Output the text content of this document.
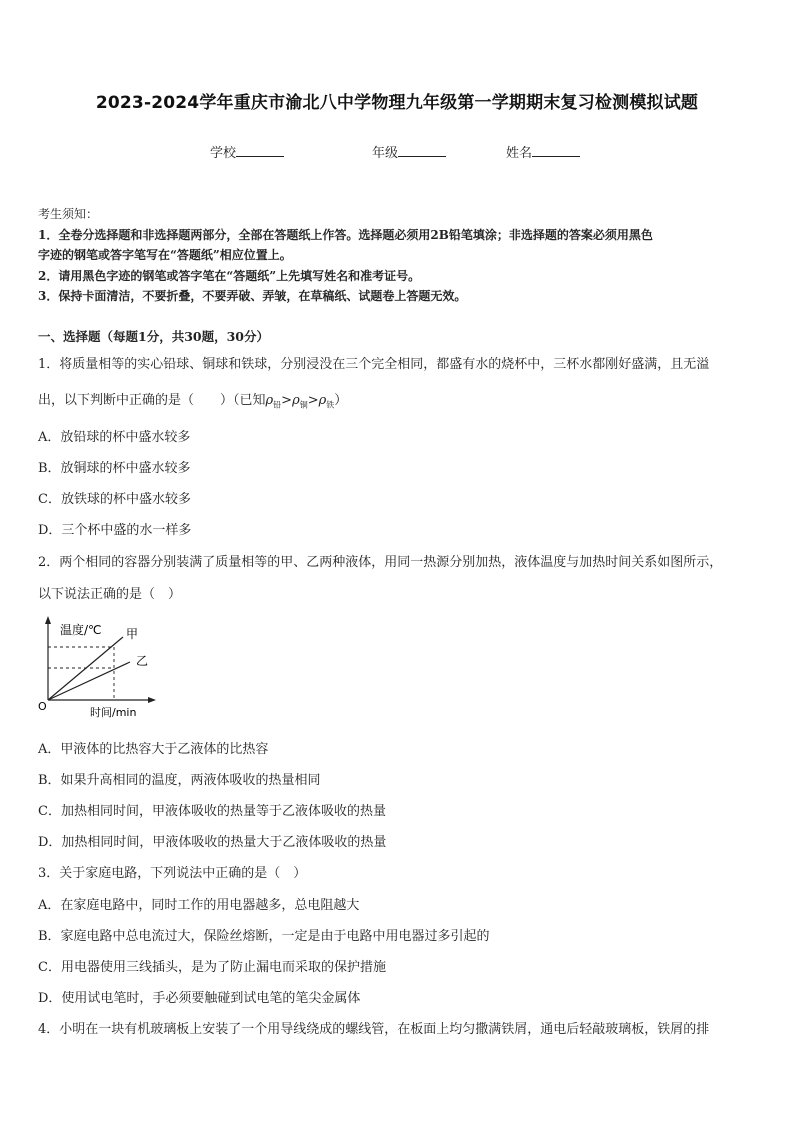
2023-2024学年重庆市渝北八中学物理九年级第一学期期末复习检测模拟试题
学校	年级	姓名
考生须知：
1．全卷分选择题和非选择题两部分，全部在答题纸上作答。选择题必须用2B铅笔填涂；非选择题的答案必须用黑色
字迹的钢笔或答字笔写在“答题纸”相应位置上。
2．请用黑色字迹的钢笔或答字笔在“答题纸”上先填写姓名和准考证号。
3．保持卡面清洁，不要折叠，不要弄破、弄皱，在草稿纸、试题卷上答题无效。
一、选择题（每题1分，共30题，30分）
1．将质量相等的实心铅球、铜球和铁球，分别浸没在三个完全相同，都盛有水的烧杯中，三杯水都刚好盛满，且无溢
出，以下判断中正确的是（　　）（已知$\rho_铅>\rho_铜>\rho_铁$）
A．放铅球的杯中盛水较多
B．放铜球的杯中盛水较多
C．放铁球的杯中盛水较多
D．三个杯中盛的水一样多
2．两个相同的容器分别装满了质量相等的甲、乙两种液体，用同一热源分别加热，液体温度与加热时间关系如图所示，
以下说法正确的是（　）
温度/℃ 甲
乙
O	时间/min
A．甲液体的比热容大于乙液体的比热容
B．如果升高相同的温度，两液体吸收的热量相同
C．加热相同时间，甲液体吸收的热量等于乙液体吸收的热量
D．加热相同时间，甲液体吸收的热量大于乙液体吸收的热量
3．关于家庭电路，下列说法中正确的是（　）
A．在家庭电路中，同时工作的用电器越多，总电阻越大
B．家庭电路中总电流过大，保险丝熔断，一定是由于电路中用电器过多引起的
C．用电器使用三线插头，是为了防止漏电而采取的保护措施
D．使用试电笔时，手必须要触碰到试电笔的笔尖金属体
4．小明在一块有机玻璃板上安装了一个用导线绕成的螺线管，在板面上均匀撒满铁屑，通电后轻敲玻璃板，铁屑的排
